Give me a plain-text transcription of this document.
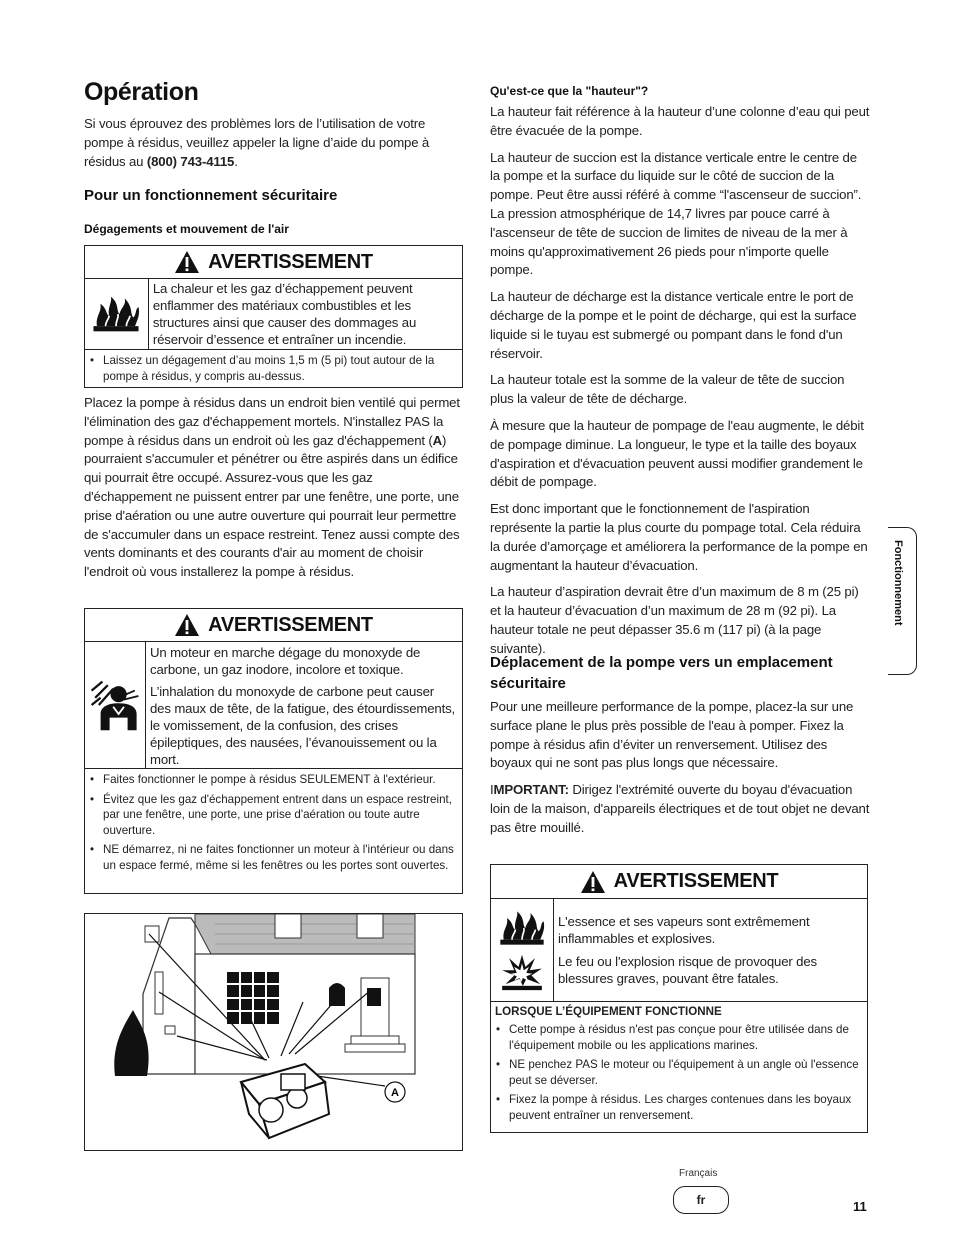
Opération

Si vous éprouvez des problèmes lors de l’utilisation de votre pompe à résidus, veuillez appeler la ligne d’aide du pompe à résidus au (800) 743-4115.

Pour un fonctionnement sécuritaire
Dégagements et mouvement de l'air
AVERTISSEMENT

La chaleur et les gaz d’échappement peuvent enflammer des matériaux combustibles et les structures ainsi que causer des dommages au réservoir d’essence et entraîner un incendie.

• Laissez un dégagement d’au moins 1,5 m (5 pi) tout autour de la pompe à résidus, y compris au-dessus.

Placez la pompe à résidus dans un endroit bien ventilé qui permet l'élimination des gaz d'échappement mortels. N'installez PAS la pompe à résidus dans un endroit où les gaz d'échappement (A) pourraient s'accumuler et pénétrer ou être aspirés dans un édifice qui pourrait être occupé. Assurez-vous que les gaz d'échappement ne puissent entrer par une fenêtre, une porte, une prise d'aération ou une autre ouverture qui pourrait leur permettre de s'accumuler dans un espace restreint. Tenez aussi compte des vents dominants et des courants d'air au moment de choisir l'endroit où vous installerez la pompe à résidus.

AVERTISSEMENT

Un moteur en marche dégage du monoxyde de carbone, un gaz inodore, incolore et toxique.

L’inhalation du monoxyde de carbone peut causer des maux de tête, de la fatigue, des étourdissements, le vomissement, de la confusion, des crises épileptiques, des nausées, l’évanouissement ou la mort.

• Faites fonctionner le pompe à résidus SEULEMENT à l'extérieur.
• Évitez que les gaz d'échappement entrent dans un espace restreint, par une fenêtre, une porte, une prise d'aération ou toute autre ouverture.
• NE démarrez, ni ne faites fonctionner un moteur à l'intérieur ou dans un espace fermé, même si les fenêtres ou les portes sont ouvertes.
A
Qu'est-ce que la "hauteur"?

La hauteur fait référence à la hauteur d’une colonne d’eau qui peut être évacuée de la pompe.

La hauteur de succion est la distance verticale entre le centre de la pompe et la surface du liquide sur le côté de succion de la pompe. Peut être aussi référé à comme “l'ascenseur de succion”. La pression atmosphérique de 14,7 livres par pouce carré à l'ascenseur de tête de succion de limites de niveau de la mer à moins qu'approximativement 26 pieds pour n'importe quelle pompe.

La hauteur de décharge est la distance verticale entre le port de décharge de la pompe et le point de décharge, qui est la surface liquide si le tuyau est submergé ou pompant dans le fond d'un réservoir.

La hauteur totale est la somme de la valeur de tête de succion plus la valeur de tête de décharge.

À mesure que la hauteur de pompage de l'eau augmente, le débit de pompage diminue. La longueur, le type et la taille des boyaux d'aspiration et d'évacuation peuvent aussi modifier grandement le débit de pompage.

Est donc important que le fonctionnement de l'aspiration représente la partie la plus courte du pompage total. Cela réduira la durée d’amorçage et améliorera la performance de la pompe en augmentant la hauteur d’évacuation.

La hauteur d’aspiration devrait être d’un maximum de 8 m (25 pi) et la hauteur d’évacuation d’un maximum de 28 m (92 pi). La hauteur totale ne peut dépasser 35.6 m (117 pi) (à la page suivante).

Déplacement de la pompe vers un emplacement sécuritaire

Pour une meilleure performance de la pompe, placez-la sur une surface plane le plus près possible de l'eau à pomper. Fixez la pompe à résidus afin d’éviter un renversement. Utilisez des boyaux qui ne sont pas plus longs que nécessaire.

IMPORTANT: Dirigez l'extrémité ouverte du boyau d'évacuation loin de la maison, d'appareils électriques et de tout objet ne devant pas être mouillé.

AVERTISSEMENT

L'essence et ses vapeurs sont extrêmement inflammables et explosives.

Le feu ou l'explosion risque de provoquer des blessures graves, pouvant être fatales.

LORSQUE L’ÉQUIPEMENT FONCTIONNE
• Cette pompe à résidus n'est pas conçue pour être utilisée dans de l'équipement mobile ou les applications marines.
• NE penchez PAS le moteur ou l'équipement à un angle où l'essence peut se déverser.
• Fixez la pompe à résidus. Les charges contenues dans les boyaux peuvent entraîner un renversement.
Fonctionnement
Français
fr	11
